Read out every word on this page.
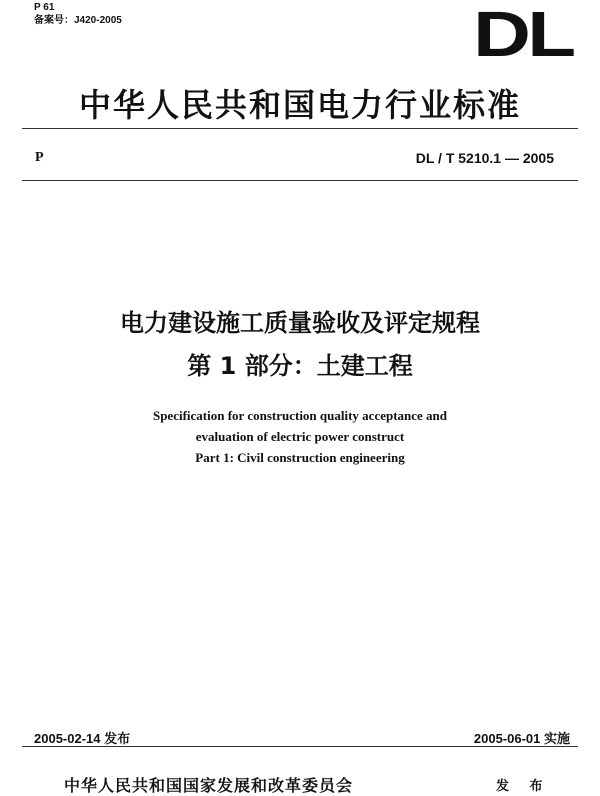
P 61
备案号：J420-2005	DL
中华人民共和国电力行业标准
P	DL / T 5210.1 — 2005
电力建设施工质量验收及评定规程
第 1 部分：土建工程
Specification for construction quality acceptance and
evaluation of electric power construct
Part 1: Civil construction engineering
2005-02-14 发布	2005-06-01 实施
中华人民共和国国家发展和改革委员会	发 布
